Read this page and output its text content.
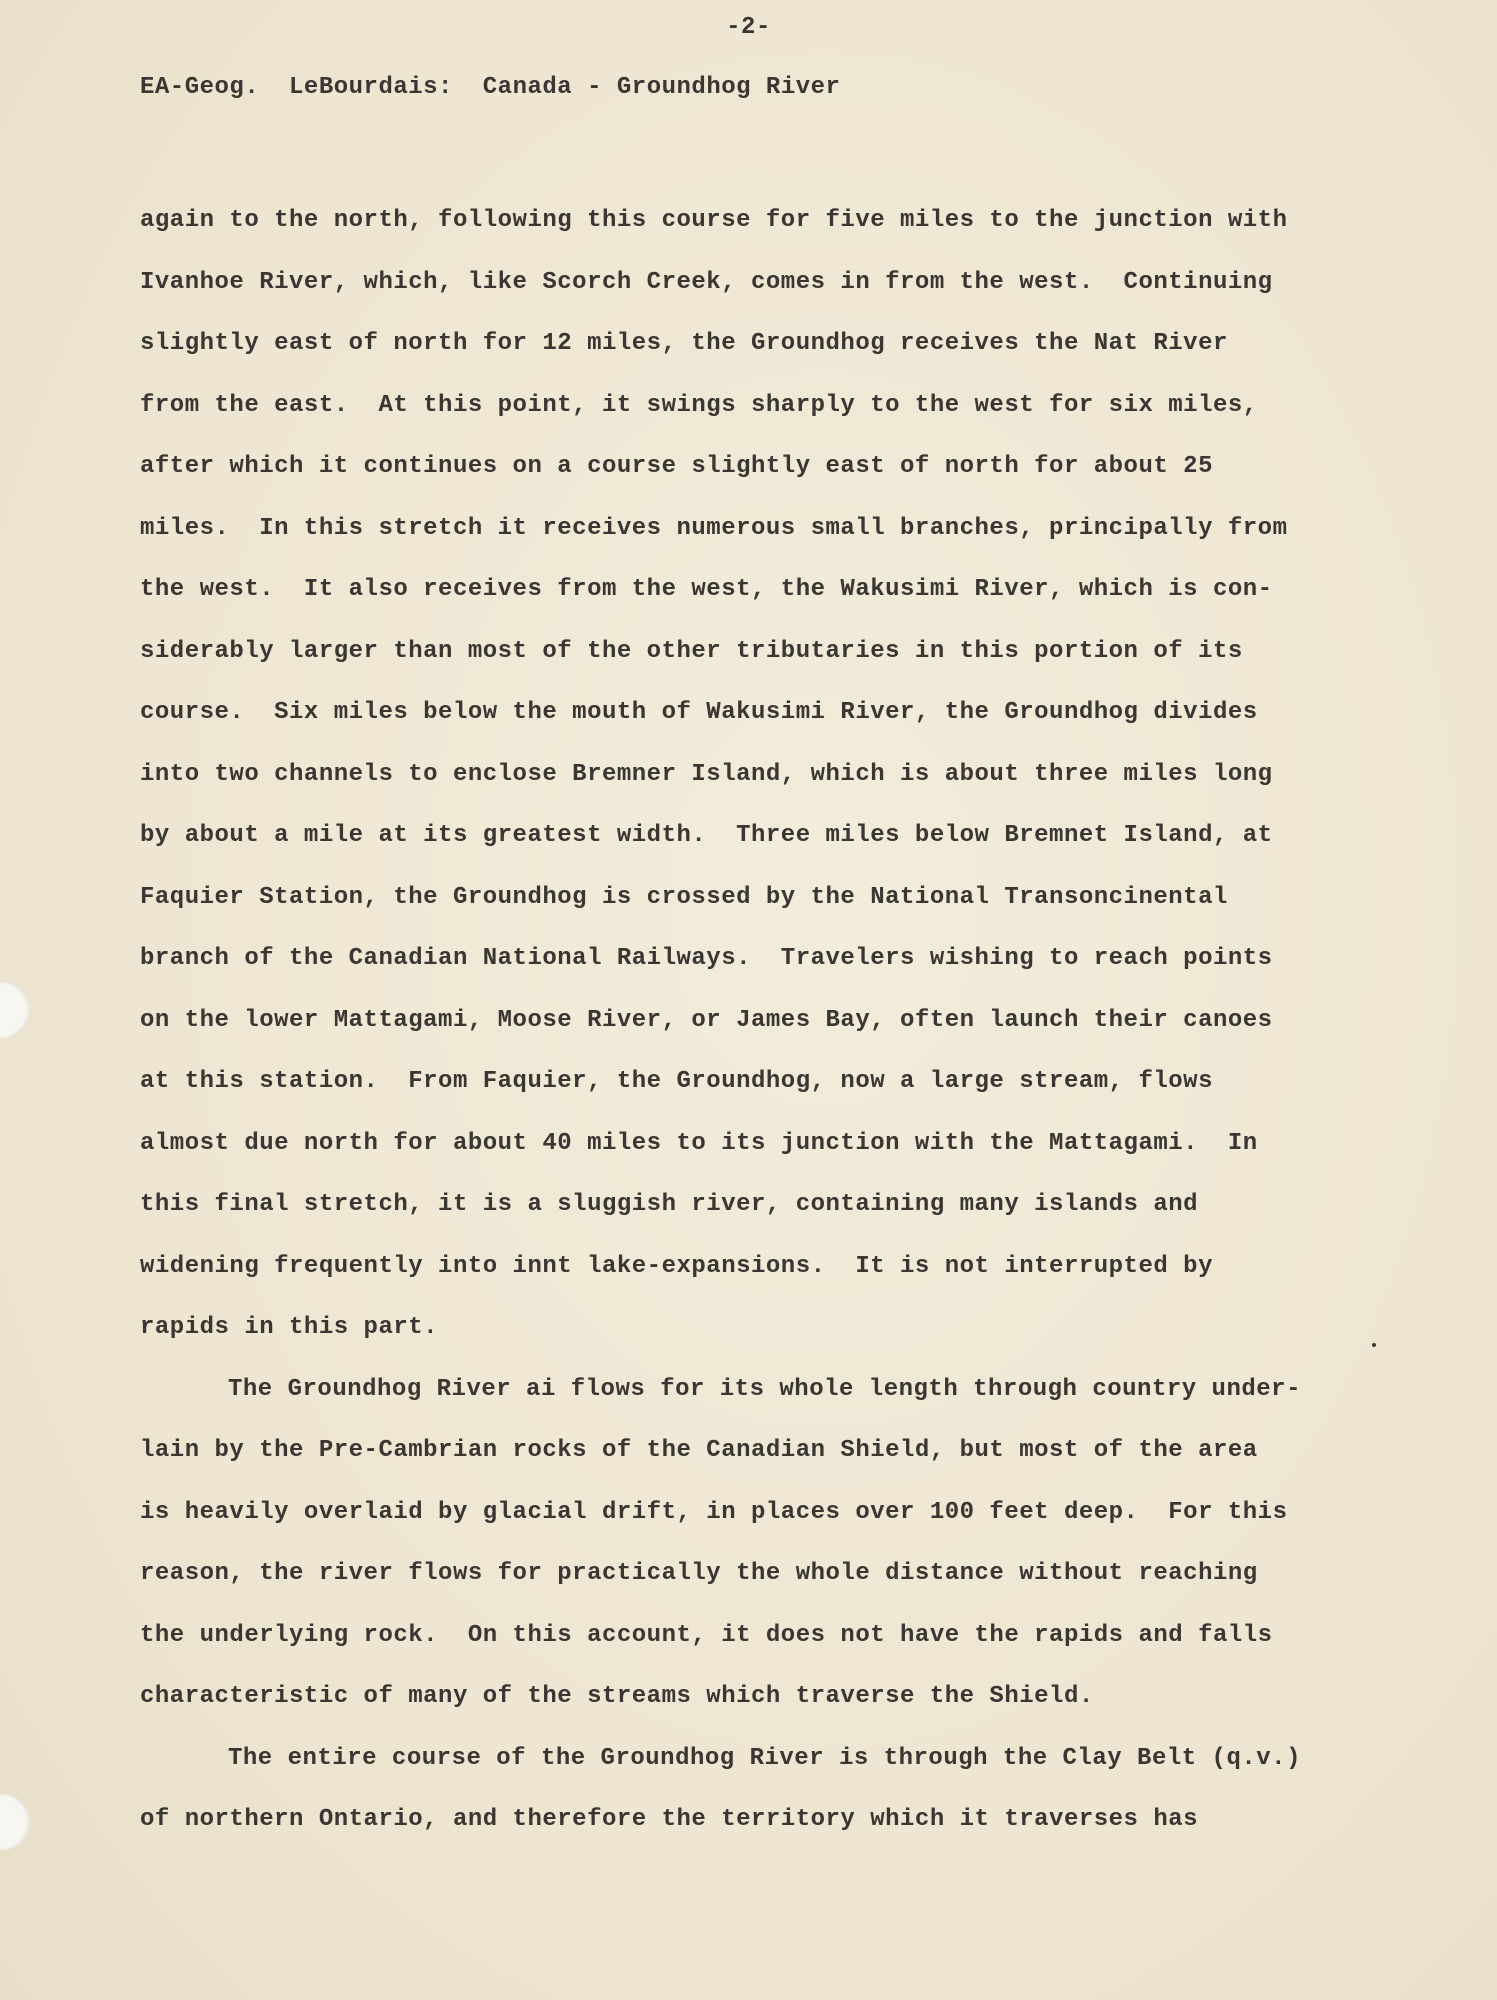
-2-
EA-Geog. LeBourdais: Canada - Groundhog River
again to the north, following this course for five miles to the junction with
Ivanhoe River, which, like Scorch Creek, comes in from the west.  Continuing
slightly east of north for 12 miles, the Groundhog receives the Nat River
from the east.  At this point, it swings sharply to the west for six miles,
after which it continues on a course slightly east of north for about 25
miles.  In this stretch it receives numerous small branches, principally from
the west.  It also receives from the west, the Wakusimi River, which is con-
siderably larger than most of the other tributaries in this portion of its
course.  Six miles below the mouth of Wakusimi River, the Groundhog divides
into two channels to enclose Bremner Island, which is about three miles long
by about a mile at its greatest width.  Three miles below Bremnet Island, at
Faquier Station, the Groundhog is crossed by the National Transoncinental
branch of the Canadian National Railways.  Travelers wishing to reach points
on the lower Mattagami, Moose River, or James Bay, often launch their canoes
at this station.  From Faquier, the Groundhog, now a large stream, flows
almost due north for about 40 miles to its junction with the Mattagami.  In
this final stretch, it is a sluggish river, containing many islands and
widening frequently into innt lake-expansions.  It is not interrupted by
rapids in this part.
The Groundhog River ai flows for its whole length through country under-
lain by the Pre-Cambrian rocks of the Canadian Shield, but most of the area
is heavily overlaid by glacial drift, in places over 100 feet deep.  For this
reason, the river flows for practically the whole distance without reaching
the underlying rock.  On this account, it does not have the rapids and falls
characteristic of many of the streams which traverse the Shield.
The entire course of the Groundhog River is through the Clay Belt (q.v.)
of northern Ontario, and therefore the territory which it traverses has
